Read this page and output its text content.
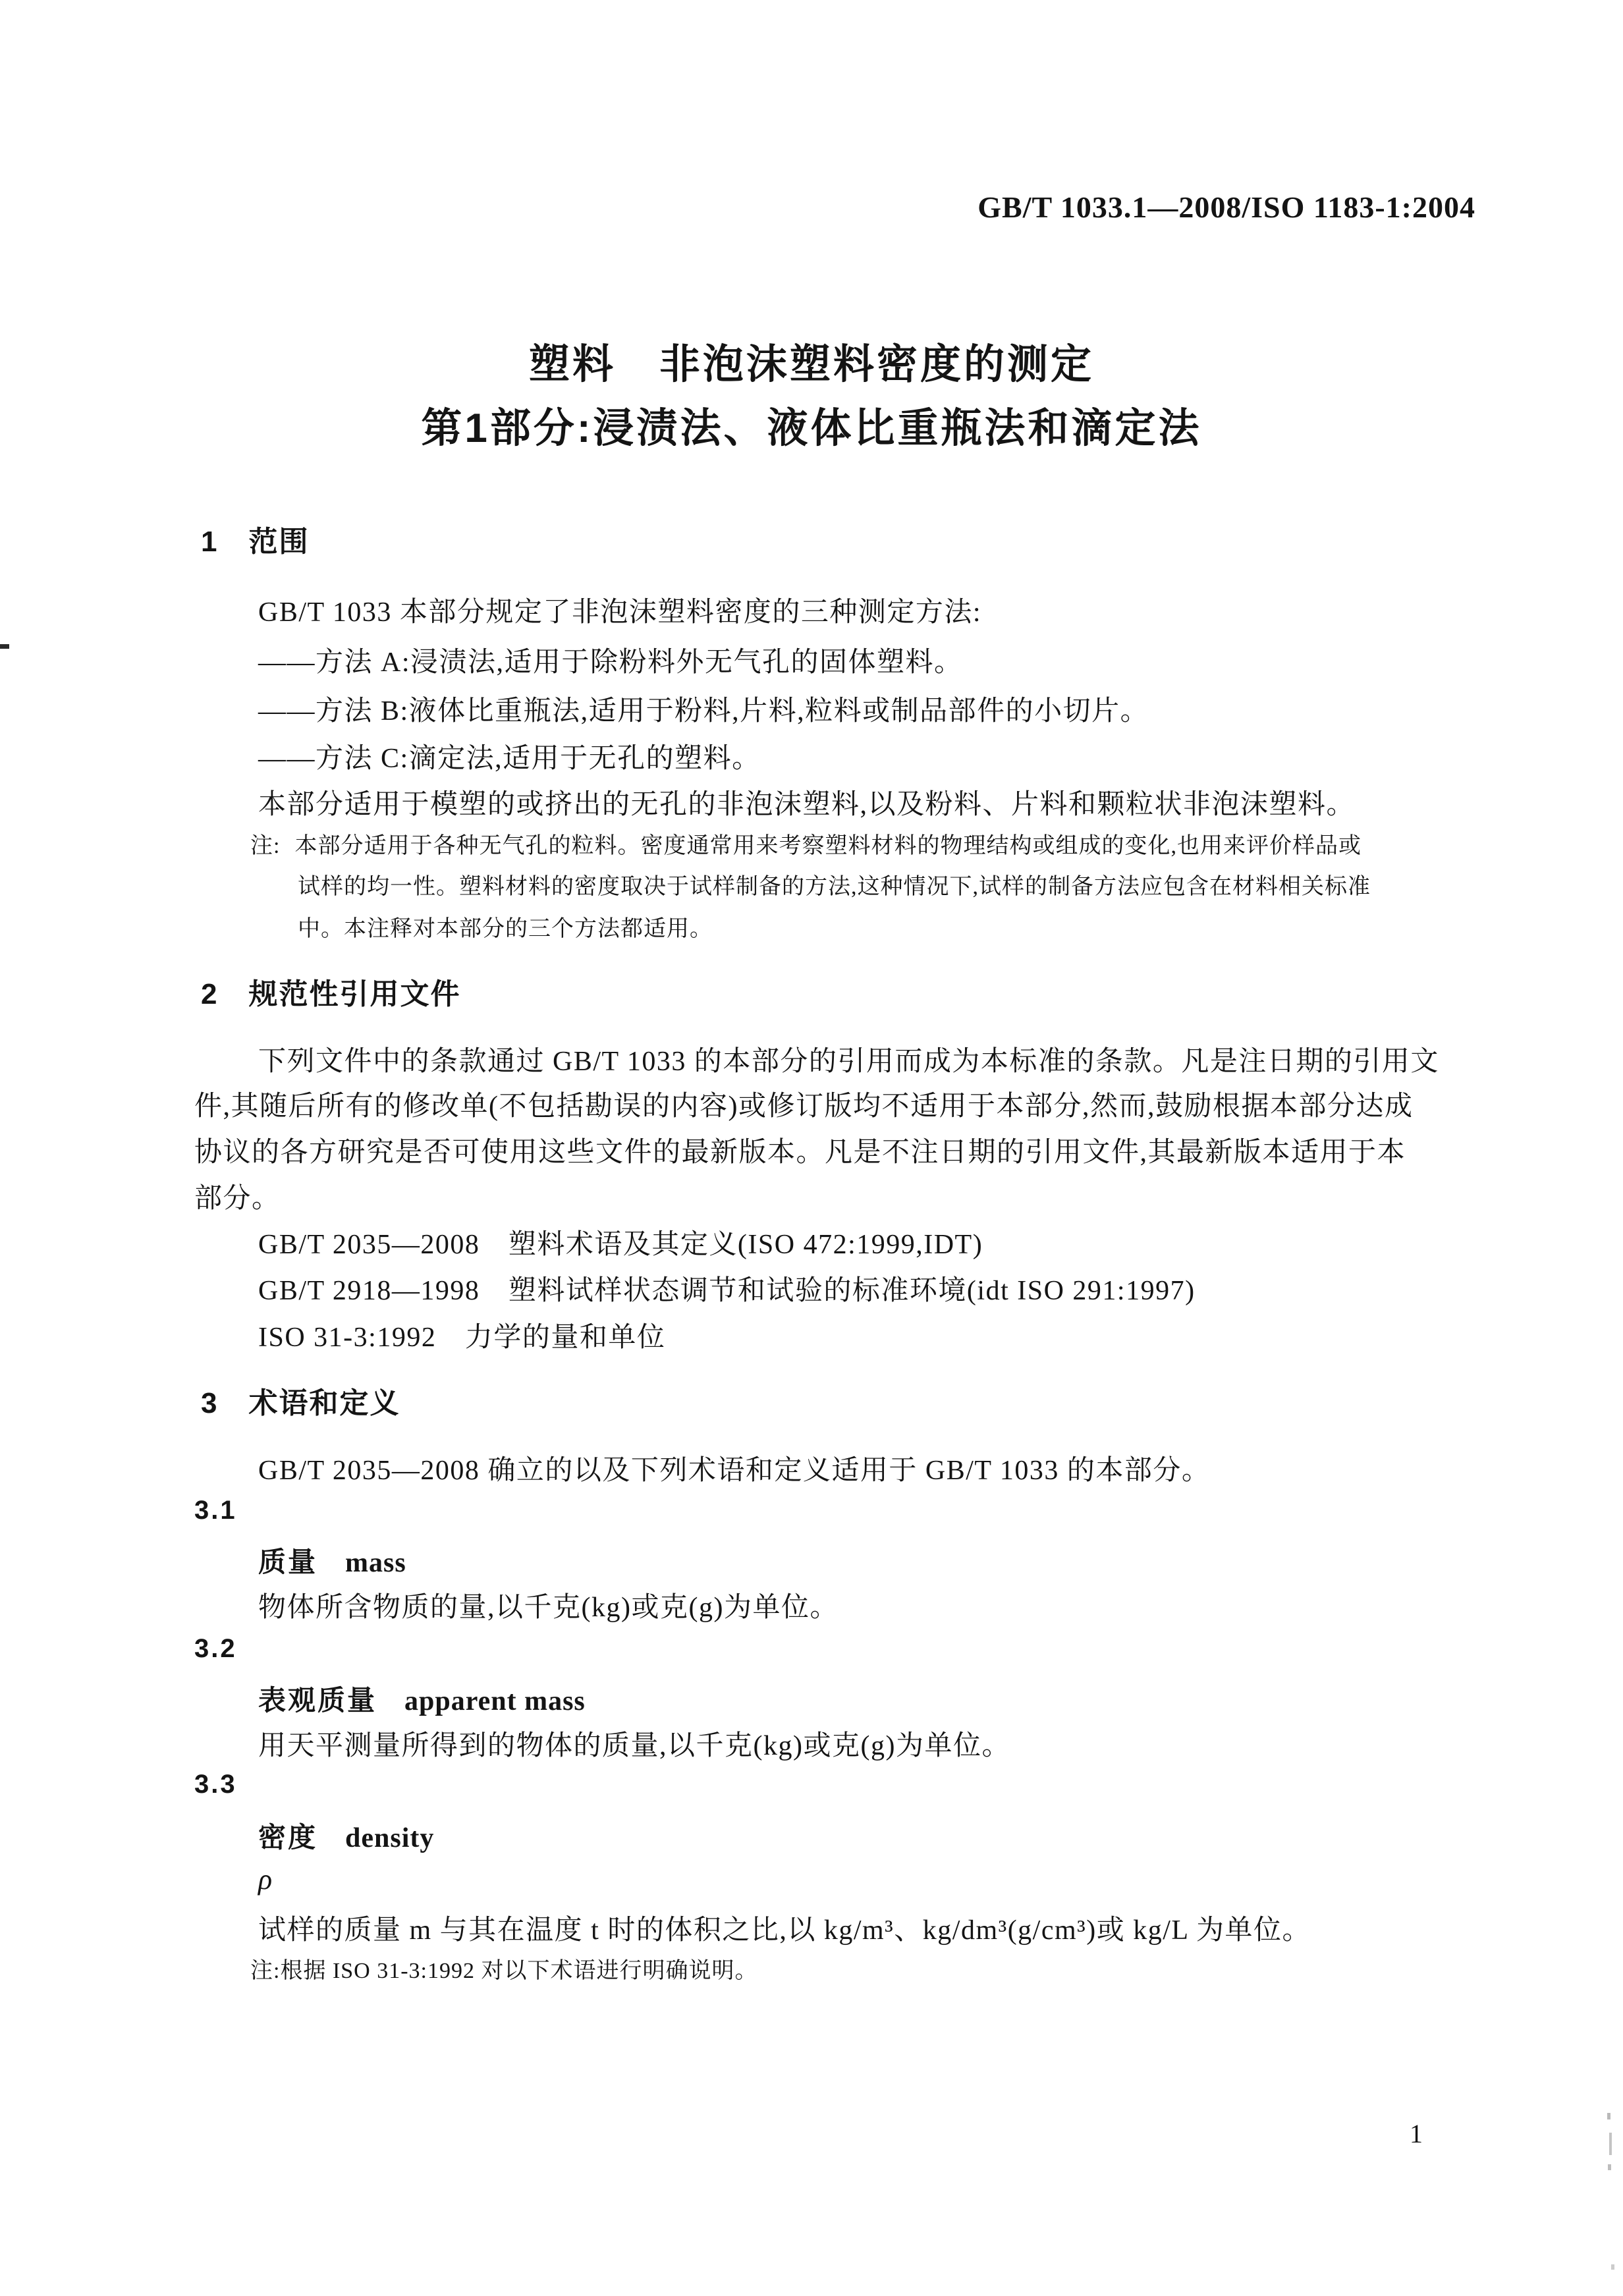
GB/T 1033.1—2008/ISO 1183-1:2004
塑料　非泡沫塑料密度的测定
第1部分:浸渍法、液体比重瓶法和滴定法
1　范围
GB/T 1033 本部分规定了非泡沫塑料密度的三种测定方法:
——方法 A:浸渍法,适用于除粉料外无气孔的固体塑料。
——方法 B:液体比重瓶法,适用于粉料,片料,粒料或制品部件的小切片。
——方法 C:滴定法,适用于无孔的塑料。
本部分适用于模塑的或挤出的无孔的非泡沫塑料,以及粉料、片料和颗粒状非泡沫塑料。
注: 本部分适用于各种无气孔的粒料。密度通常用来考察塑料材料的物理结构或组成的变化,也用来评价样品或
试样的均一性。塑料材料的密度取决于试样制备的方法,这种情况下,试样的制备方法应包含在材料相关标准
中。本注释对本部分的三个方法都适用。
2　规范性引用文件
下列文件中的条款通过 GB/T 1033 的本部分的引用而成为本标准的条款。凡是注日期的引用文
件,其随后所有的修改单(不包括勘误的内容)或修订版均不适用于本部分,然而,鼓励根据本部分达成
协议的各方研究是否可使用这些文件的最新版本。凡是不注日期的引用文件,其最新版本适用于本
部分。
GB/T 2035—2008　塑料术语及其定义(ISO 472:1999,IDT)
GB/T 2918—1998　塑料试样状态调节和试验的标准环境(idt ISO 291:1997)
ISO 31-3:1992　力学的量和单位
3　术语和定义
GB/T 2035—2008 确立的以及下列术语和定义适用于 GB/T 1033 的本部分。
3.1
质量 mass
物体所含物质的量,以千克(kg)或克(g)为单位。
3.2
表观质量 apparent mass
用天平测量所得到的物体的质量,以千克(kg)或克(g)为单位。
3.3
密度 density
ρ
试样的质量 m 与其在温度 t 时的体积之比,以 kg/m³、kg/dm³(g/cm³)或 kg/L 为单位。
注:根据 ISO 31-3:1992 对以下术语进行明确说明。
1
